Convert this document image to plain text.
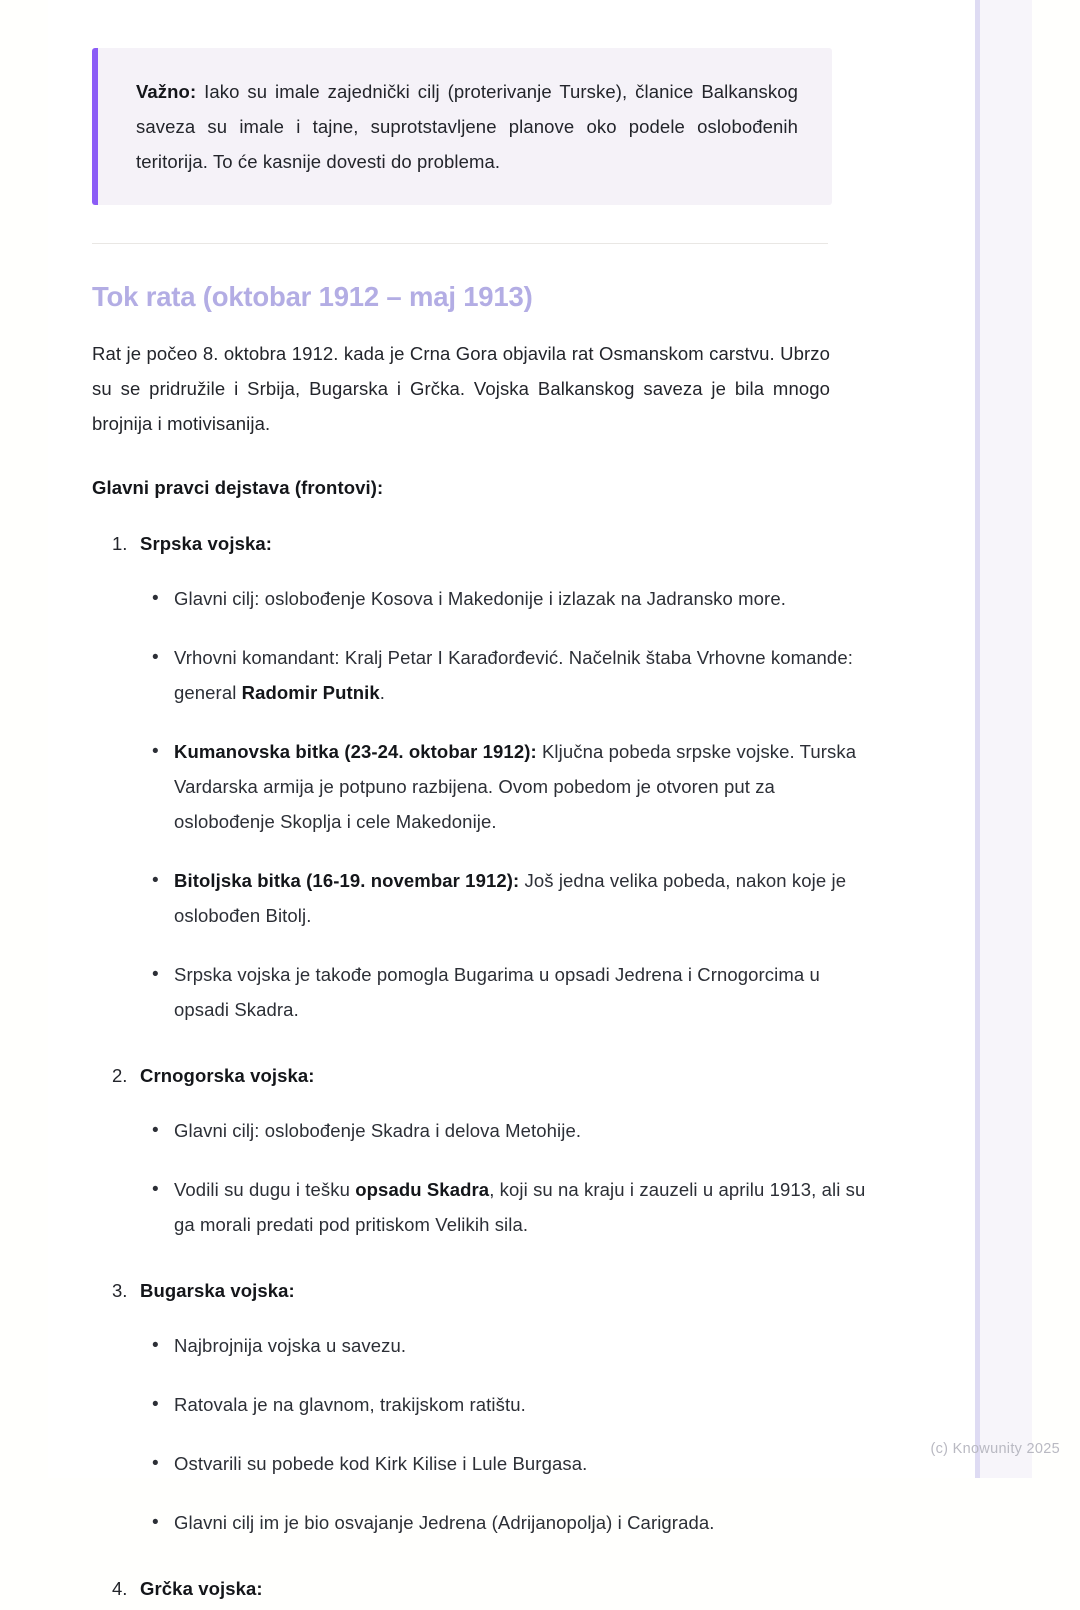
Važno: Iako su imale zajednički cilj (proterivanje Turske), članice Balkanskog saveza su imale i tajne, suprotstavljene planove oko podele oslobođenih teritorija. To će kasnije dovesti do problema.

Tok rata (oktobar 1912 – maj 1913)

Rat je počeo 8. oktobra 1912. kada je Crna Gora objavila rat Osmanskom carstvu. Ubrzo su se pridružile i Srbija, Bugarska i Grčka. Vojska Balkanskog saveza je bila mnogo brojnija i motivisanija.

Glavni pravci dejstava (frontovi):

Srpska vojska:
• Glavni cilj: oslobođenje Kosova i Makedonije i izlazak na Jadransko more.
• Vrhovni komandant: Kralj Petar I Karađorđević. Načelnik štaba Vrhovne komande: general Radomir Putnik.
• Kumanovska bitka (23-24. oktobar 1912): Ključna pobeda srpske vojske. Turska Vardarska armija je potpuno razbijena. Ovom pobedom je otvoren put za oslobođenje Skoplja i cele Makedonije.
• Bitoljska bitka (16-19. novembar 1912): Još jedna velika pobeda, nakon koje je oslobođen Bitolj.
• Srpska vojska je takođe pomogla Bugarima u opsadi Jedrena i Crnogorcima u opsadi Skadra.
Crnogorska vojska:
• Glavni cilj: oslobođenje Skadra i delova Metohije.
• Vodili su dugu i tešku opsadu Skadra, koji su na kraju i zauzeli u aprilu 1913, ali su ga morali predati pod pritiskom Velikih sila.
Bugarska vojska:
• Najbrojnija vojska u savezu.
• Ratovala je na glavnom, trakijskom ratištu.
• Ostvarili su pobede kod Kirk Kilise i Lule Burgasa.
• Glavni cilj im je bio osvajanje Jedrena (Adrijanopolja) i Carigrada.
Grčka vojska:
(c) Knowunity 2025
